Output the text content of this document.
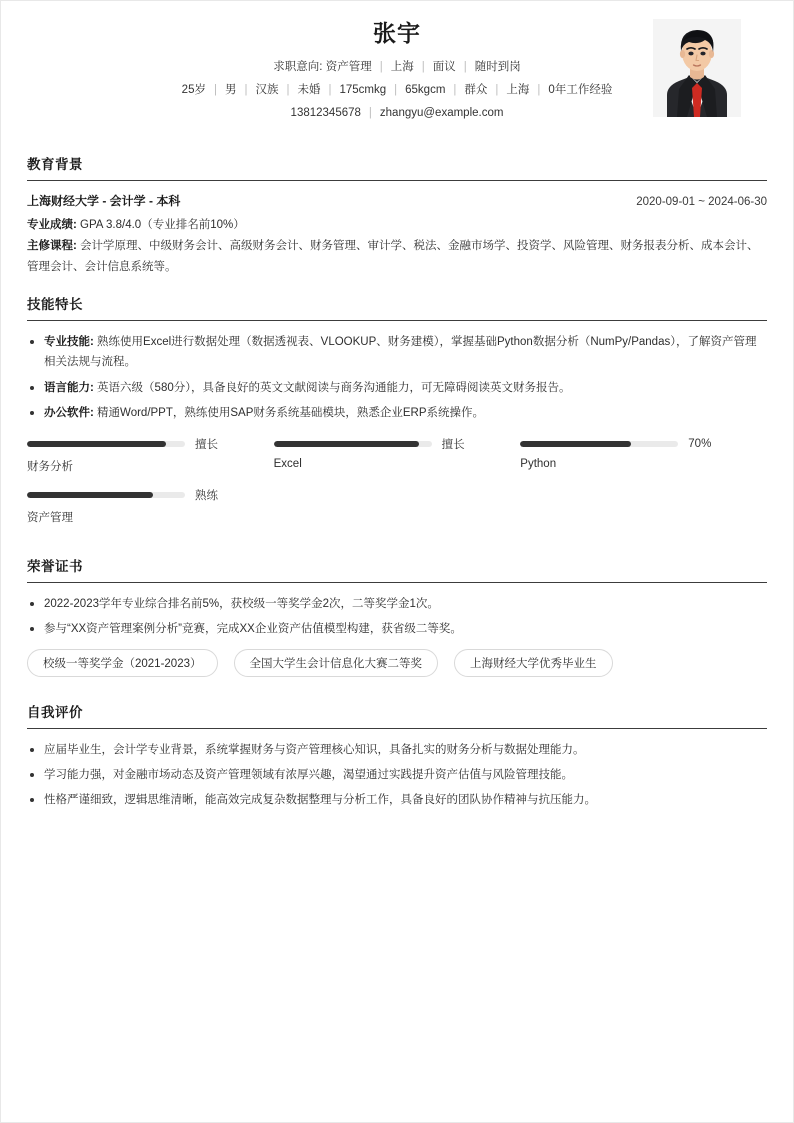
张宇
求职意向: 资产管理 | 上海 | 面议 | 随时到岗
25岁 | 男 | 汉族 | 未婚 | 175cmkg | 65kgcm | 群众 | 上海 | 0年工作经验
13812345678 | zhangyu@example.com
教育背景
上海财经大学 - 会计学 - 本科	2020-09-01 ~ 2024-06-30
专业成绩: GPA 3.8/4.0（专业排名前10%）
主修课程: 会计学原理、中级财务会计、高级财务会计、财务管理、审计学、税法、金融市场学、投资学、风险管理、财务报表分析、成本会计、管理会计、会计信息系统等。
技能特长
专业技能: 熟练使用Excel进行数据处理（数据透视表、VLOOKUP、财务建模），掌握基础Python数据分析（NumPy/Pandas），了解资产管理相关法规与流程。
语言能力: 英语六级（580分），具备良好的英文文献阅读与商务沟通能力，可无障碍阅读英文财务报告。
办公软件: 精通Word/PPT，熟练使用SAP财务系统基础模块，熟悉企业ERP系统操作。
擅长
财务分析
擅长
Excel
70%
Python
熟练
资产管理
荣誉证书
2022-2023学年专业综合排名前5%，获校级一等奖学金2次，二等奖学金1次。
参与“XX资产管理案例分析”竞赛，完成XX企业资产估值模型构建，获省级二等奖。
校级一等奖学金（2021-2023）	全国大学生会计信息化大赛二等奖	上海财经大学优秀毕业生
自我评价
应届毕业生，会计学专业背景，系统掌握财务与资产管理核心知识，具备扎实的财务分析与数据处理能力。
学习能力强，对金融市场动态及资产管理领域有浓厚兴趣，渴望通过实践提升资产估值与风险管理技能。
性格严谨细致，逻辑思维清晰，能高效完成复杂数据整理与分析工作，具备良好的团队协作精神与抗压能力。
